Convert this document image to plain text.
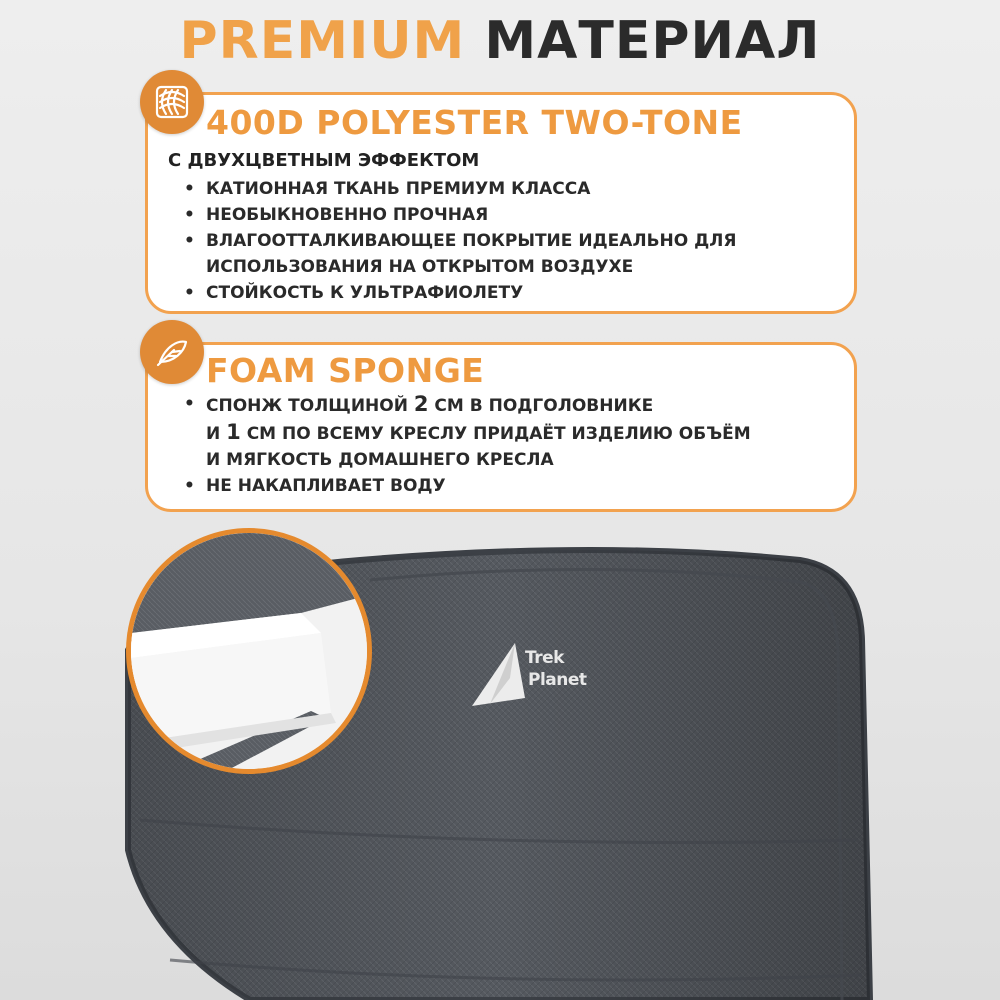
PREMIUM МАТЕРИАЛ
400D POLYESTER TWO-TONE
С ДВУХЦВЕТНЫМ ЭФФЕКТОМ
• КАТИОННАЯ ТКАНЬ ПРЕМИУМ КЛАССА
• НЕОБЫКНОВЕННО ПРОЧНАЯ
• ВЛАГООТТАЛКИВАЮЩЕЕ ПОКРЫТИЕ ИДЕАЛЬНО ДЛЯ
ИСПОЛЬЗОВАНИЯ НА ОТКРЫТОМ ВОЗДУХЕ
• СТОЙКОСТЬ К УЛЬТРАФИОЛЕТУ
FOAM SPONGE
• СПОНЖ ТОЛЩИНОЙ 2 СМ В ПОДГОЛОВНИКЕ
И 1 СМ ПО ВСЕМУ КРЕСЛУ ПРИДАЁТ ИЗДЕЛИЮ ОБЪЁМ
И МЯГКОСТЬ ДОМАШНЕГО КРЕСЛА
• НЕ НАКАПЛИВАЕТ ВОДУ
Trek
Planet
